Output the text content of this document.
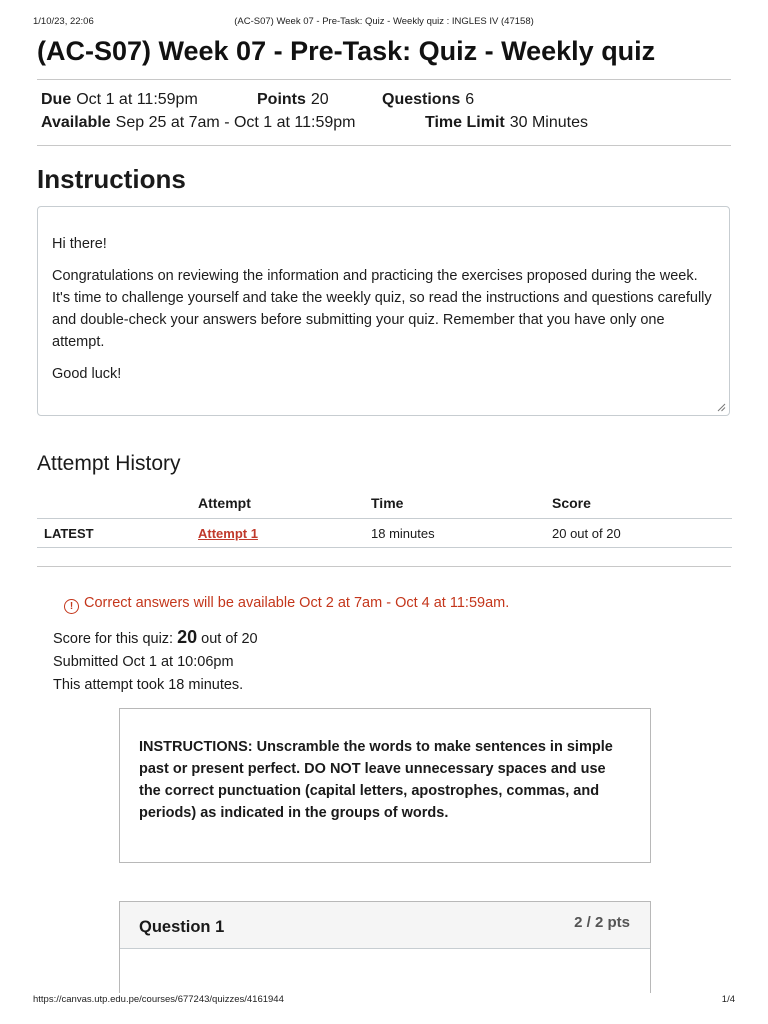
1/10/23, 22:06	(AC-S07) Week 07 - Pre-Task: Quiz - Weekly quiz : INGLES IV (47158)
(AC-S07) Week 07 - Pre-Task: Quiz - Weekly quiz
Due Oct 1 at 11:59pm	Points 20	Questions 6
Available Sep 25 at 7am - Oct 1 at 11:59pm	Time Limit 30 Minutes
Instructions

Hi there!

Congratulations on reviewing the information and practicing the exercises proposed during the week. It's time to challenge yourself and take the weekly quiz, so read the instructions and questions carefully and double-check your answers before submitting your quiz. Remember that you have only one attempt.

Good luck!

Attempt History
	Attempt	Time	Score
LATEST	Attempt 1	18 minutes	20 out of 20
! Correct answers will be available Oct 2 at 7am - Oct 4 at 11:59am.
Score for this quiz: 20 out of 20
Submitted Oct 1 at 10:06pm
This attempt took 18 minutes.
INSTRUCTIONS: Unscramble the words to make sentences in simple past or present perfect. DO NOT leave unnecessary spaces and use the correct punctuation (capital letters, apostrophes, commas, and periods) as indicated in the groups of words.
Question 1	2 / 2 pts
https://canvas.utp.edu.pe/courses/677243/quizzes/4161944	1/4
